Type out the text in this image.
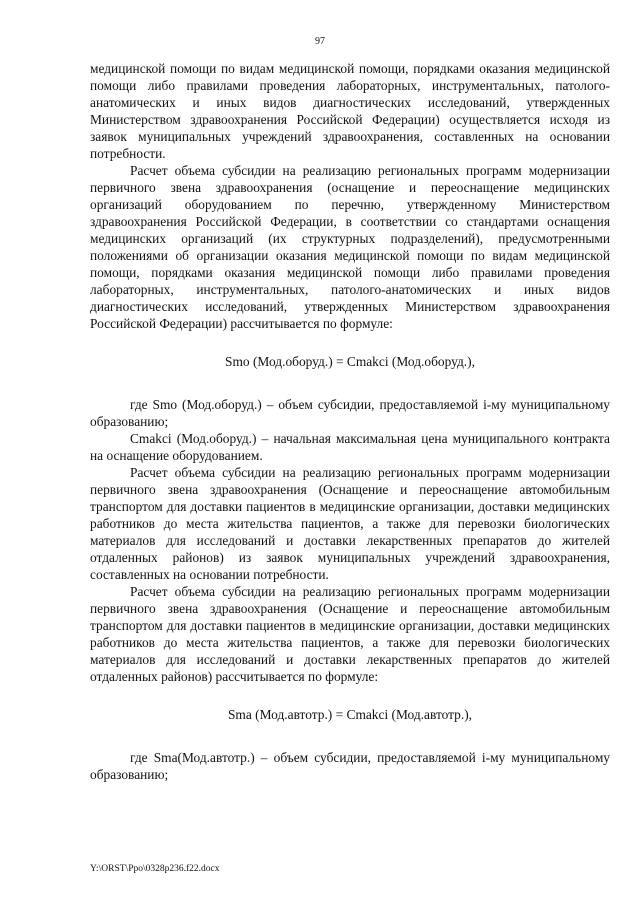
97

медицинской помощи по видам медицинской помощи, порядками оказания медицинской помощи либо правилами проведения лабораторных, инструментальных, патолого-анатомических и иных видов диагностических исследований, утвержденных Министерством здравоохранения Российской Федерации) осуществляется исходя из заявок муниципальных учреждений здравоохранения, составленных на основании потребности.

Расчет объема субсидии на реализацию региональных программ модернизации первичного звена здравоохранения (оснащение и переоснащение медицинских организаций оборудованием по перечню, утвержденному Министерством здравоохранения Российской Федерации, в соответствии со стандартами оснащения медицинских организаций (их структурных подразделений), предусмотренными положениями об организации оказания медицинской помощи по видам медицинской помощи, порядками оказания медицинской помощи либо правилами проведения лабораторных, инструментальных, патолого-анатомических и иных видов диагностических исследований, утвержденных Министерством здравоохранения Российской Федерации) рассчитывается по формуле:

Smo (Мод.оборуд.) = Cmakci (Мод.оборуд.),

где Smo (Мод.оборуд.) – объем субсидии, предоставляемой i-му муниципальному образованию;

Cmakci (Мод.оборуд.) – начальная максимальная цена муниципального контракта на оснащение оборудованием.

Расчет объема субсидии на реализацию региональных программ модернизации первичного звена здравоохранения (Оснащение и переоснащение автомобильным транспортом для доставки пациентов в медицинские организации, доставки медицинских работников до места жительства пациентов, а также для перевозки биологических материалов для исследований и доставки лекарственных препаратов до жителей отдаленных районов) из заявок муниципальных учреждений здравоохранения, составленных на основании потребности.

Расчет объема субсидии на реализацию региональных программ модернизации первичного звена здравоохранения (Оснащение и переоснащение автомобильным транспортом для доставки пациентов в медицинские организации, доставки медицинских работников до места жительства пациентов, а также для перевозки биологических материалов для исследований и доставки лекарственных препаратов до жителей отдаленных районов) рассчитывается по формуле:

Sma (Мод.автотр.) = Cmakci (Мод.автотр.),

где Sma(Мод.автотр.) – объем субсидии, предоставляемой i-му муниципальному образованию;

Y:\ORST\Ppo\0328p236.f22.docx
